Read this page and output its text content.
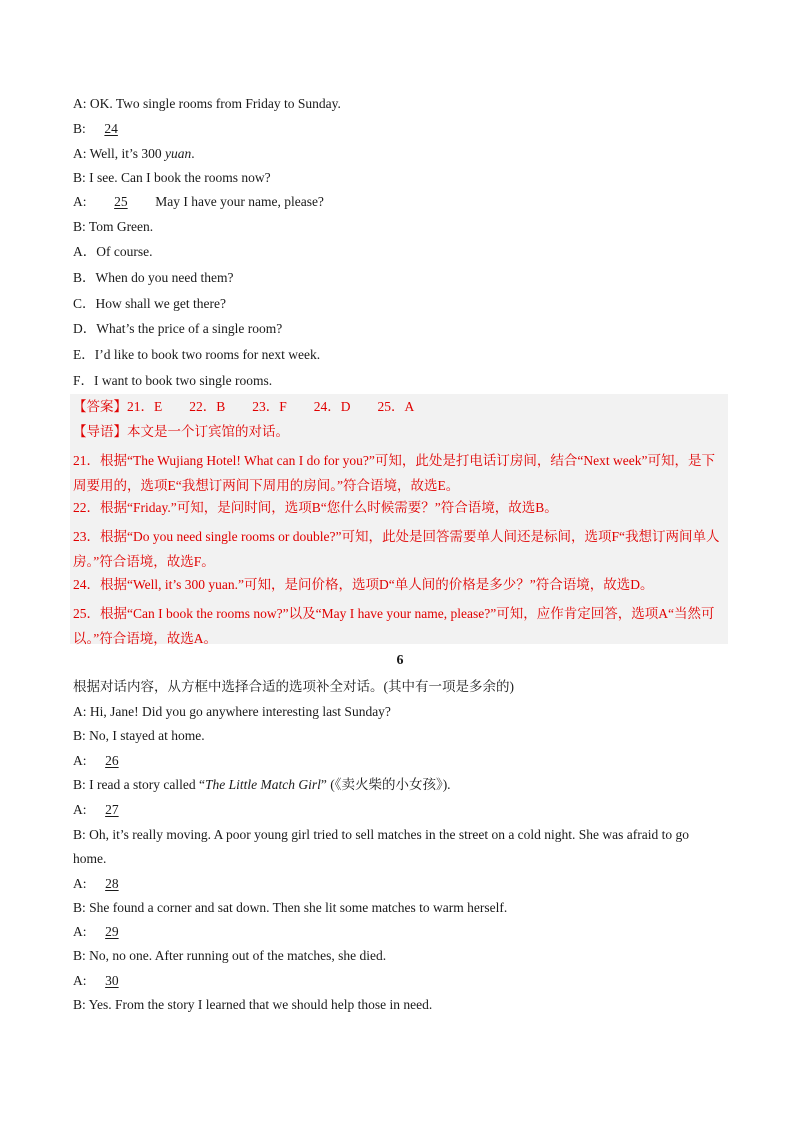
A: OK. Two single rooms from Friday to Sunday.
B: 24
A: Well, it’s 300 yuan.
B: I see. Can I book the rooms now?
A: 25 May I have your name, please?
B: Tom Green.
A．Of course.
B．When do you need them?
C．How shall we get there?
D．What’s the price of a single room?
E．I’d like to book two rooms for next week.
F．I want to book two single rooms.
【答案】21．E　　22．B　　23．F　　24．D　　25．A
【导语】本文是一个订宾馆的对话。
21．根据“The Wujiang Hotel! What can I do for you?”可知，此处是打电话订房间，结合“Next week”可知，是下周要用的，选项E“我想订两间下周用的房间。”符合语境，故选E。
22．根据“Friday.”可知，是问时间，选项B“您什么时候需要？”符合语境，故选B。
23．根据“Do you need single rooms or double?”可知，此处是回答需要单人间还是标间，选项F“我想订两间单人房。”符合语境，故选F。
24．根据“Well, it’s 300 yuan.”可知，是问价格，选项D“单人间的价格是多少？”符合语境，故选D。
25．根据“Can I book the rooms now?”以及“May I have your name, please?”可知，应作肯定回答，选项A“当然可以。”符合语境，故选A。
6
根据对话内容，从方框中选择合适的选项补全对话。(其中有一项是多余的)
A: Hi, Jane! Did you go anywhere interesting last Sunday?
B: No, I stayed at home.
A: 26
B: I read a story called “The Little Match Girl” (《卖火柴的小女孩》).
A: 27
B: Oh, it’s really moving. A poor young girl tried to sell matches in the street on a cold night. She was afraid to go
home.
A: 28
B: She found a corner and sat down. Then she lit some matches to warm herself.
A: 29
B: No, no one. After running out of the matches, she died.
A: 30
B: Yes. From the story I learned that we should help those in need.
